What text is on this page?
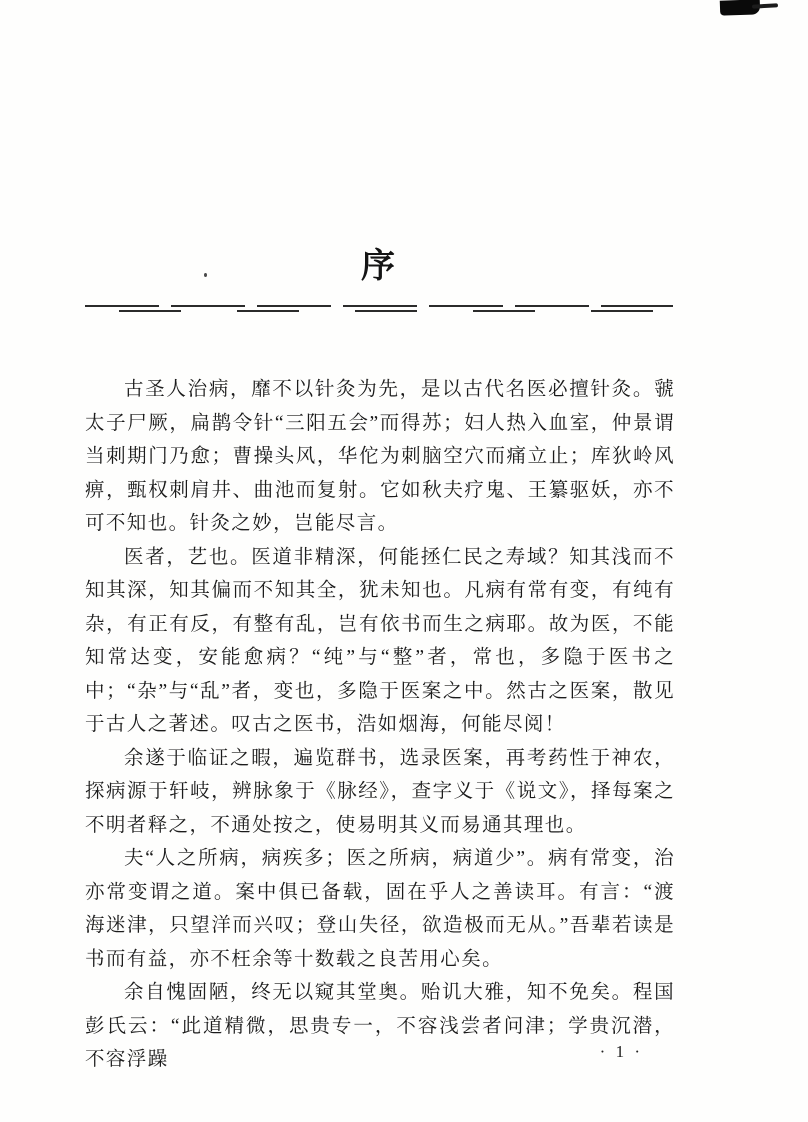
序

古圣人治病，靡不以针灸为先，是以古代名医必擅针灸。虢太子尸厥，扁鹊令针“三阳五会”而得苏；妇人热入血室，仲景谓当刺期门乃愈；曹操头风，华佗为刺脑空穴而痛立止；库狄岭风痹，甄权刺肩井、曲池而复射。它如秋夫疗鬼、王纂驱妖，亦不可不知也。针灸之妙，岂能尽言。

医者，艺也。医道非精深，何能拯仁民之寿域？知其浅而不知其深，知其偏而不知其全，犹未知也。凡病有常有变，有纯有杂，有正有反，有整有乱，岂有依书而生之病耶。故为医，不能知常达变，安能愈病？“纯”与“整”者，常也，多隐于医书之中；“杂”与“乱”者，变也，多隐于医案之中。然古之医案，散见于古人之著述。叹古之医书，浩如烟海，何能尽阅！

余遂于临证之暇，遍览群书，选录医案，再考药性于神农，探病源于轩岐，辨脉象于《脉经》，查字义于《说文》，择每案之不明者释之，不通处按之，使易明其义而易通其理也。

夫“人之所病，病疾多；医之所病，病道少”。病有常变，治亦常变谓之道。案中俱已备载，固在乎人之善读耳。有言：“渡海迷津，只望洋而兴叹；登山失径，欲造极而无从。”吾辈若读是书而有益，亦不枉余等十数载之良苦用心矣。

余自愧固陋，终无以窥其堂奥。贻讥大雅，知不免矣。程国彭氏云：“此道精微，思贵专一，不容浅尝者问津；学贵沉潜，不容浮躁	· 1 ·
